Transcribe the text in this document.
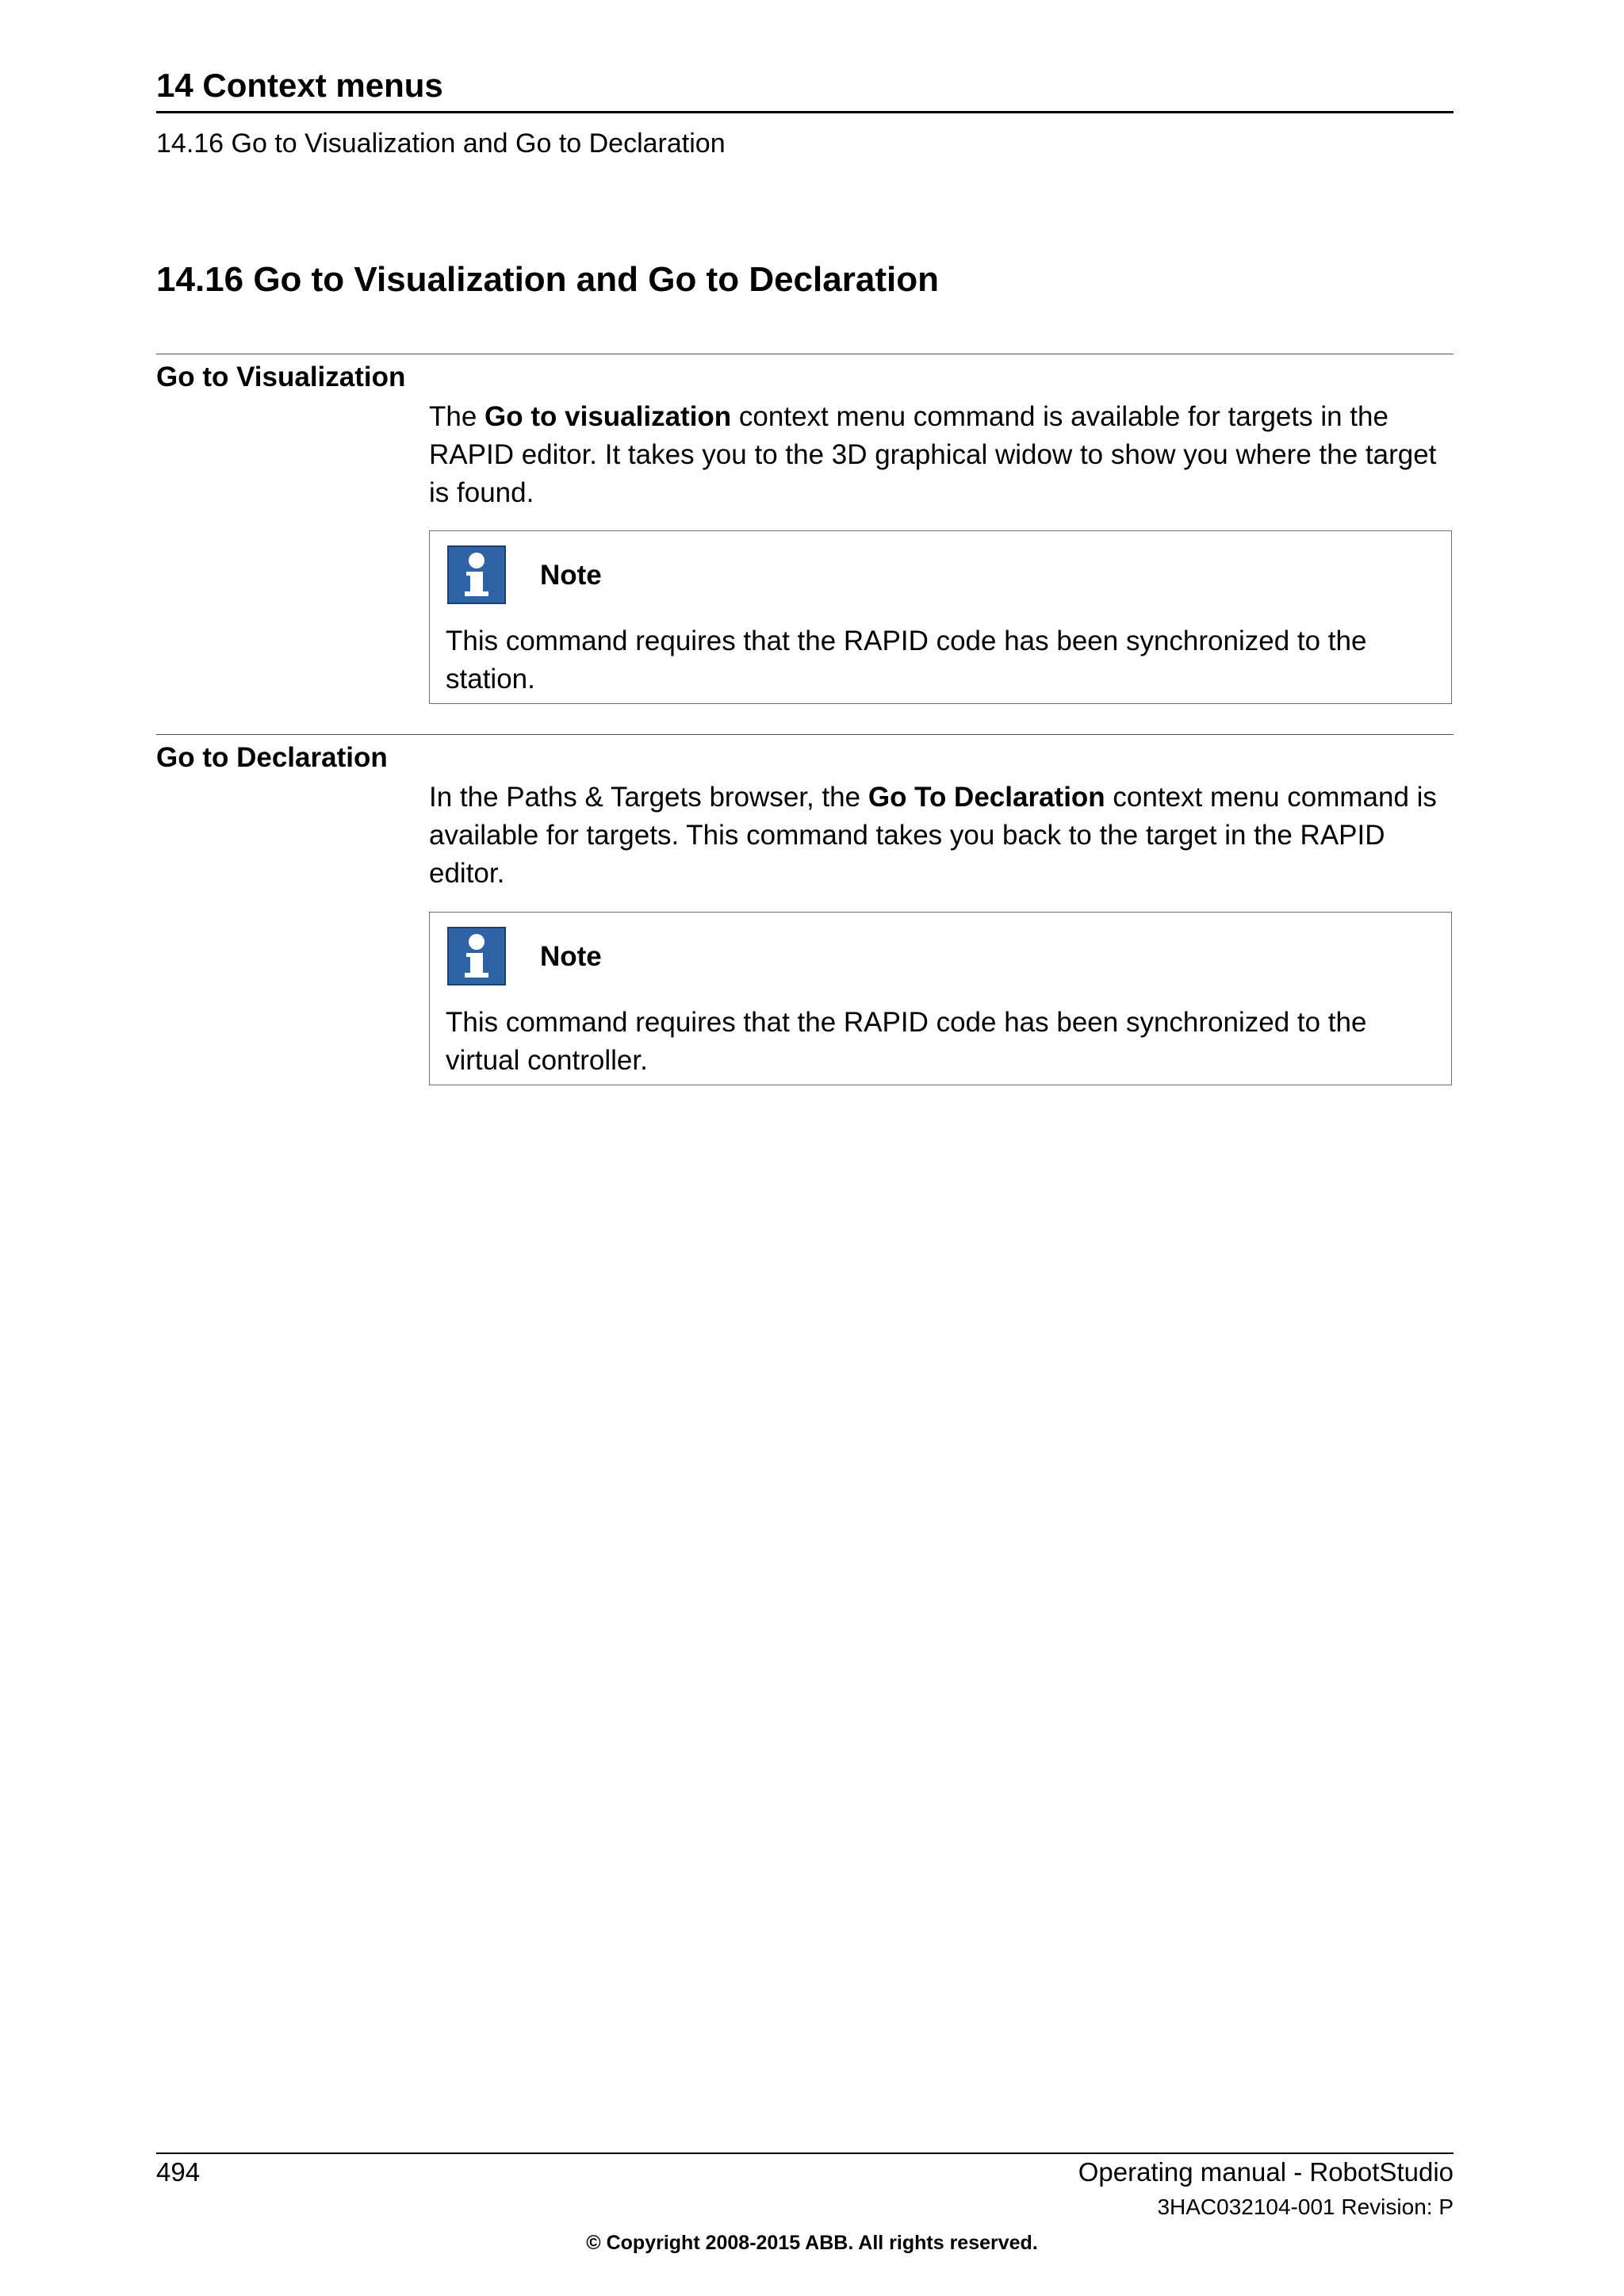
14 Context menus
14.16 Go to Visualization and Go to Declaration
14.16 Go to Visualization and Go to Declaration
Go to Visualization
The Go to visualization context menu command is available for targets in the RAPID editor. It takes you to the 3D graphical widow to show you where the target is found.
Note
This command requires that the RAPID code has been synchronized to the station.
Go to Declaration
In the Paths & Targets browser, the Go To Declaration context menu command is available for targets. This command takes you back to the target in the RAPID editor.
Note
This command requires that the RAPID code has been synchronized to the virtual controller.
494	Operating manual - RobotStudio
3HAC032104-001 Revision: P
© Copyright 2008-2015 ABB. All rights reserved.
